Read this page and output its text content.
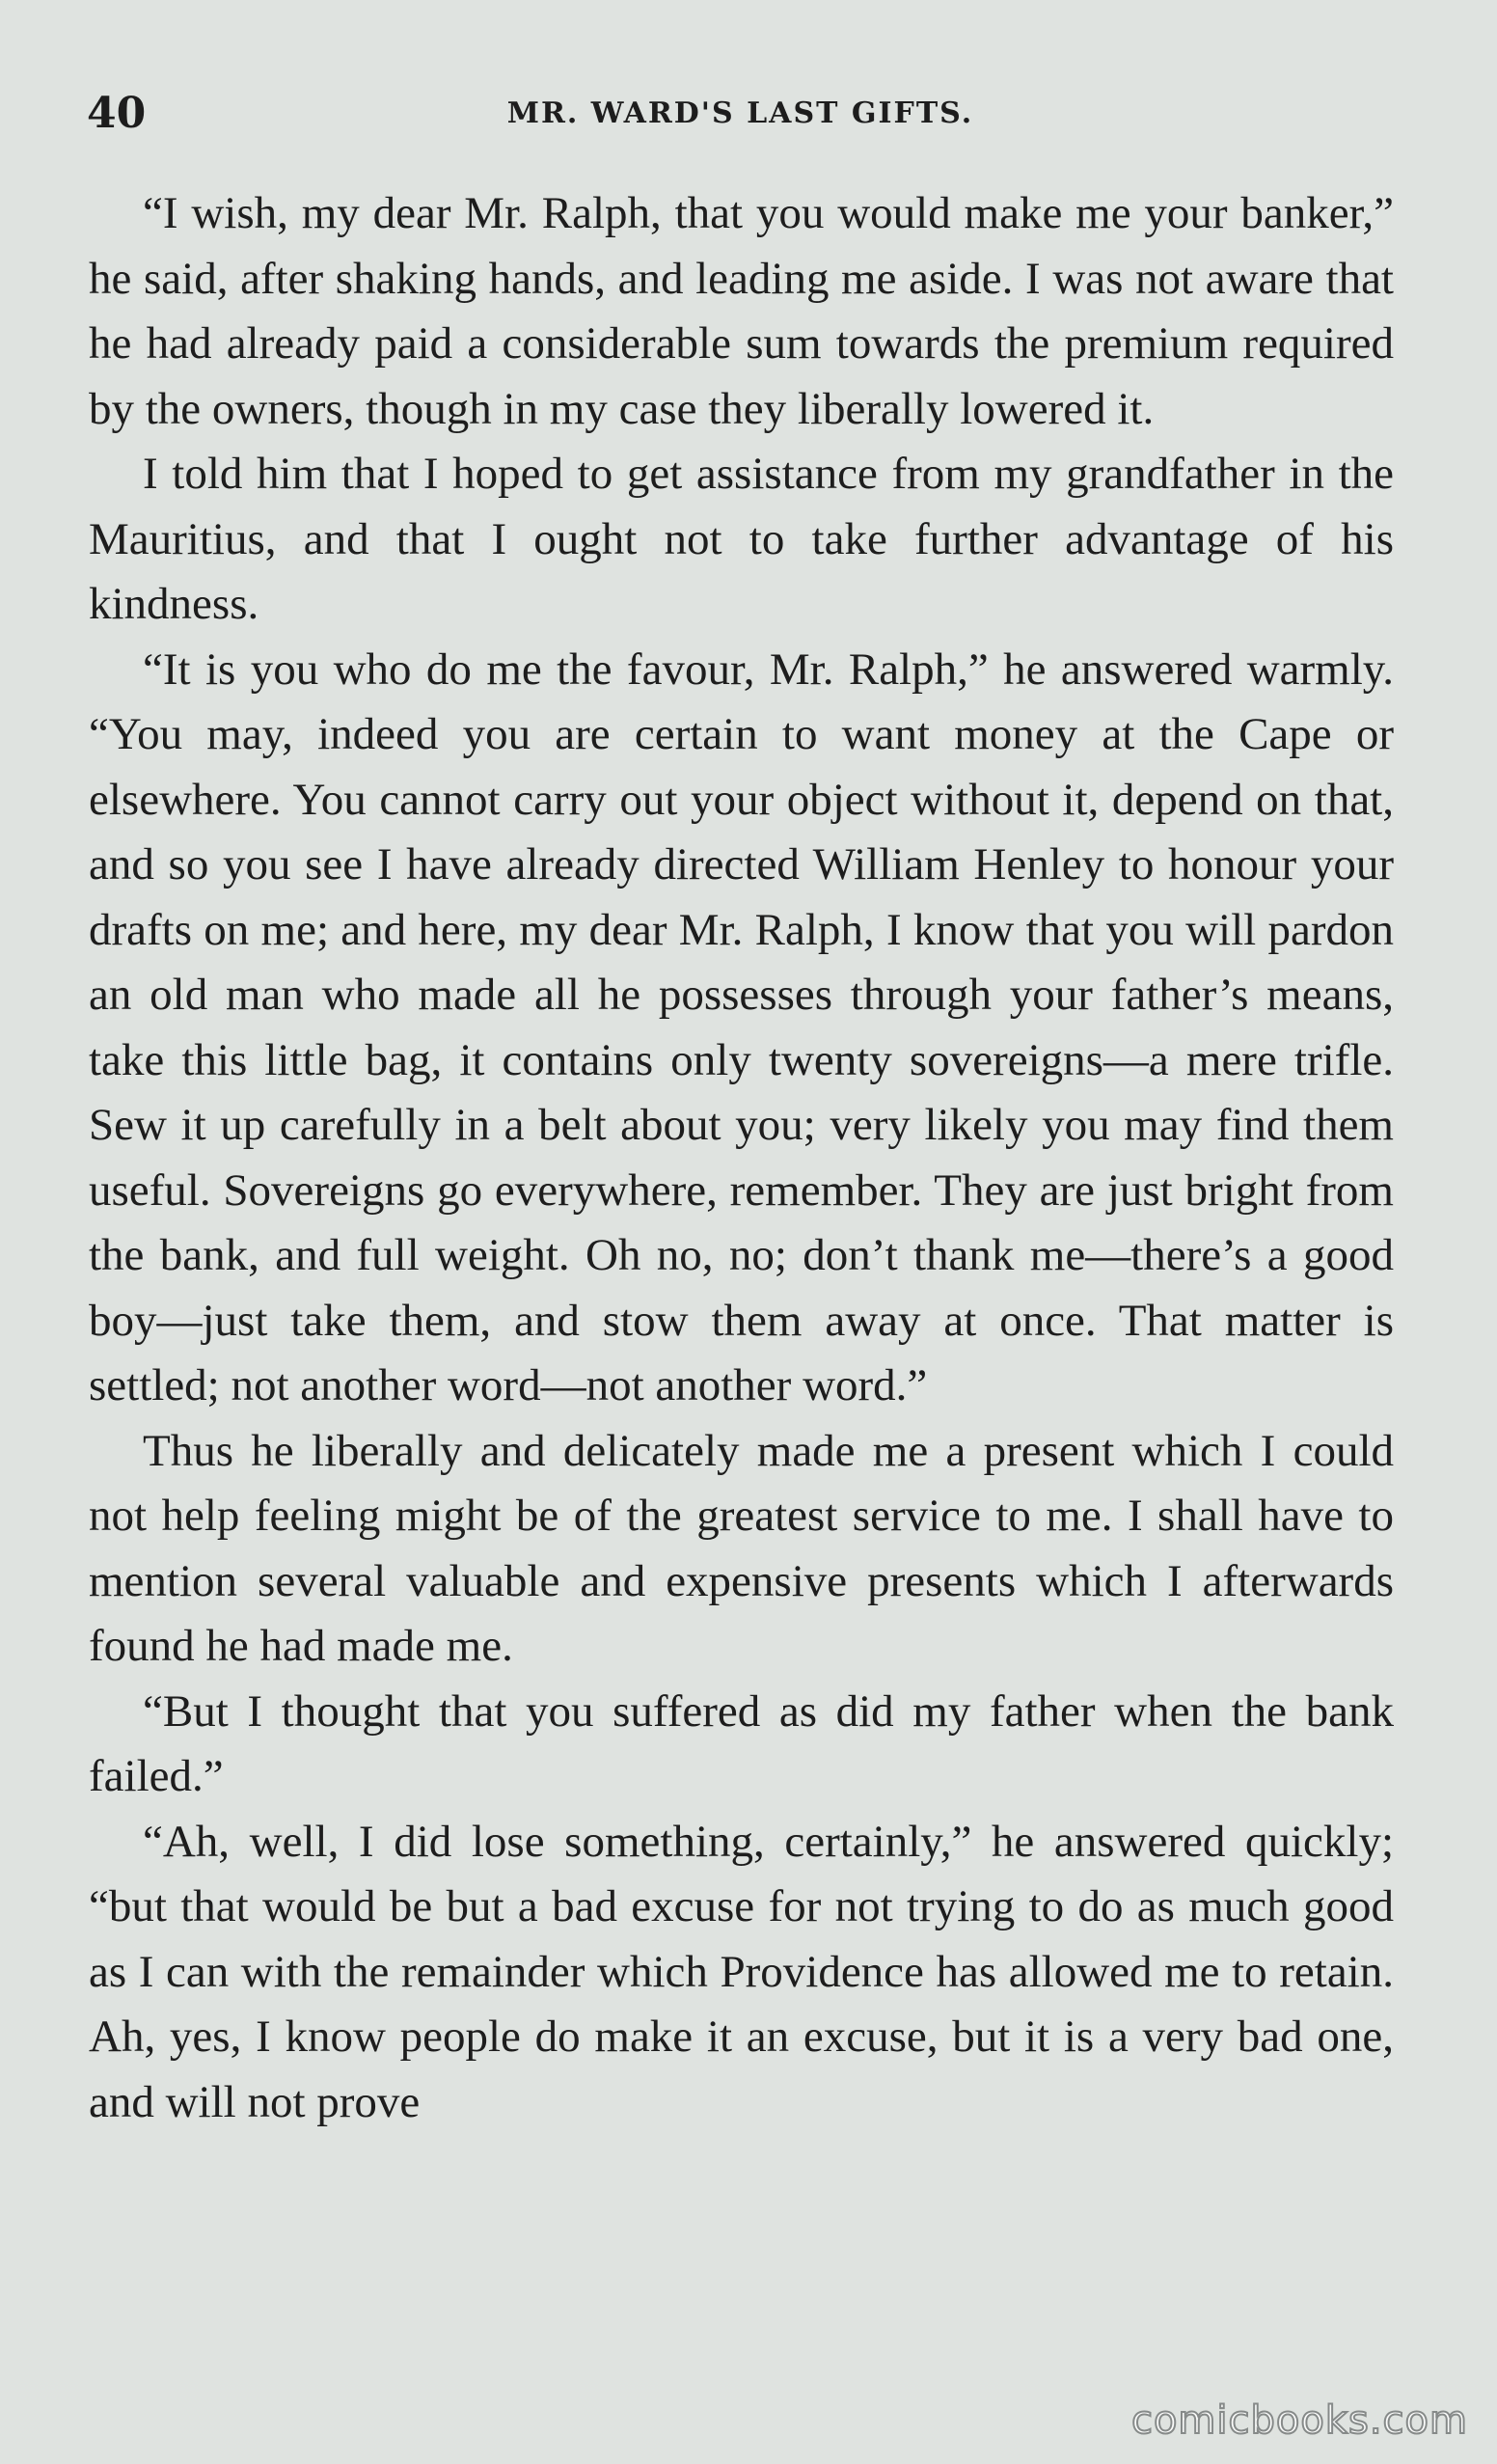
40	MR. WARD'S LAST GIFTS.

“I wish, my dear Mr. Ralph, that you would make me your banker,” he said, after shaking hands, and leading me aside. I was not aware that he had already paid a considerable sum towards the premium required by the owners, though in my case they liberally lowered it.

I told him that I hoped to get assistance from my grandfather in the Mauritius, and that I ought not to take further advantage of his kindness.

“It is you who do me the favour, Mr. Ralph,” he answered warmly. “You may, indeed you are certain to want money at the Cape or elsewhere. You cannot carry out your object without it, depend on that, and so you see I have already directed William Henley to honour your drafts on me; and here, my dear Mr. Ralph, I know that you will pardon an old man who made all he possesses through your father’s means, take this little bag, it contains only twenty sovereigns—a mere trifle. Sew it up carefully in a belt about you; very likely you may find them useful. Sovereigns go everywhere, remember. They are just bright from the bank, and full weight. Oh no, no; don’t thank me—there’s a good boy—just take them, and stow them away at once. That matter is settled; not another word—not another word.”

Thus he liberally and delicately made me a present which I could not help feeling might be of the greatest service to me. I shall have to mention several valuable and expensive presents which I afterwards found he had made me.

“But I thought that you suffered as did my father when the bank failed.”

“Ah, well, I did lose something, certainly,” he answered quickly; “but that would be but a bad excuse for not trying to do as much good as I can with the remainder which Providence has allowed me to retain. Ah, yes, I know people do make it an excuse, but it is a very bad one, and will not prove

comicbooks.com
